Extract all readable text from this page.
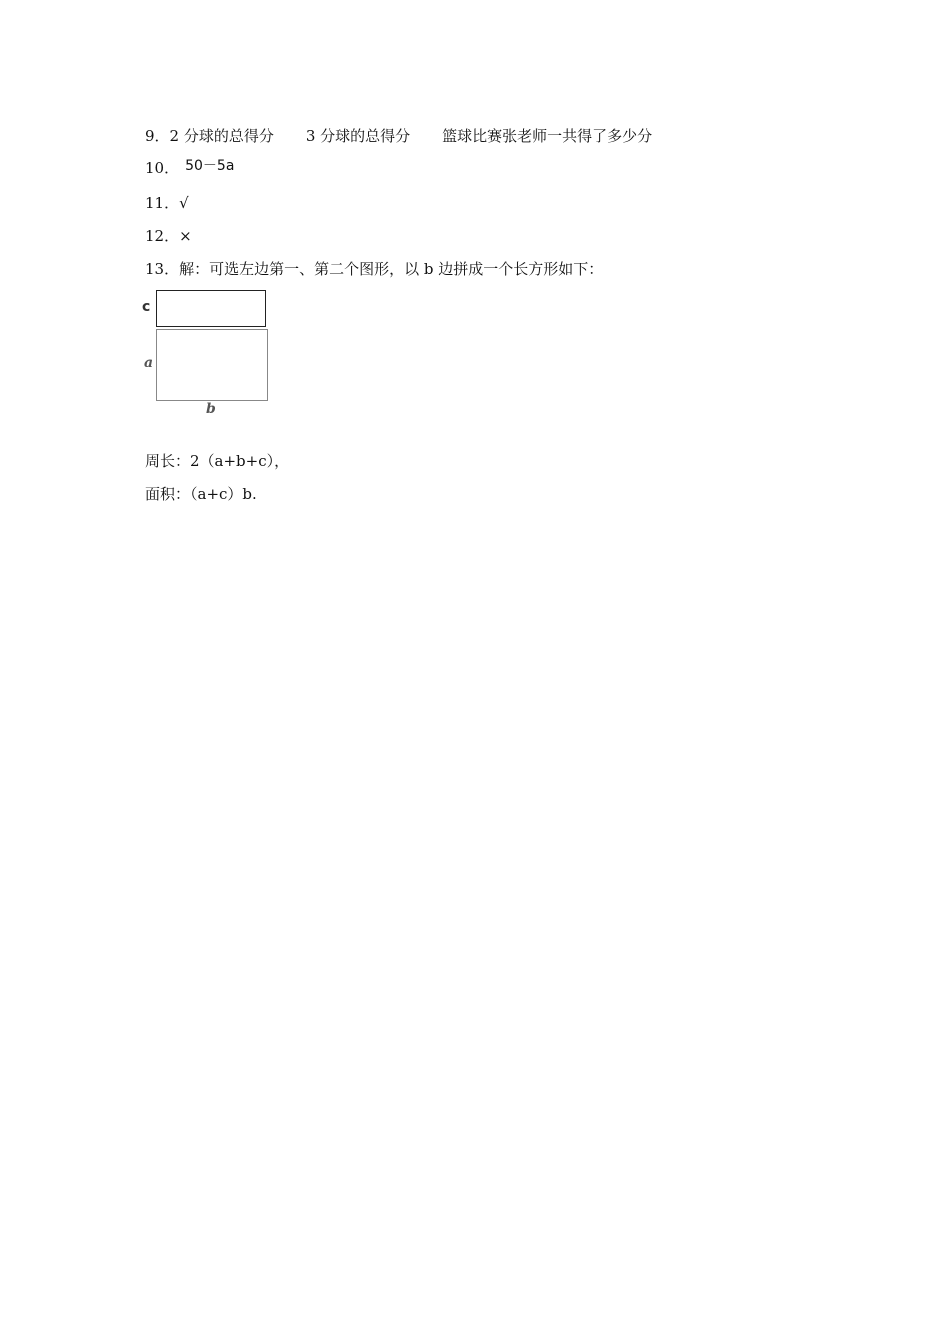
9．2 分球的总得分 3 分球的总得分 篮球比赛张老师一共得了多少分
10． 50－5a
11．√
12．×
13．解：可选左边第一、第二个图形，以 b 边拼成一个长方形如下：
c
a
b
周长：2（a+b+c），
面积：（a+c）b.
